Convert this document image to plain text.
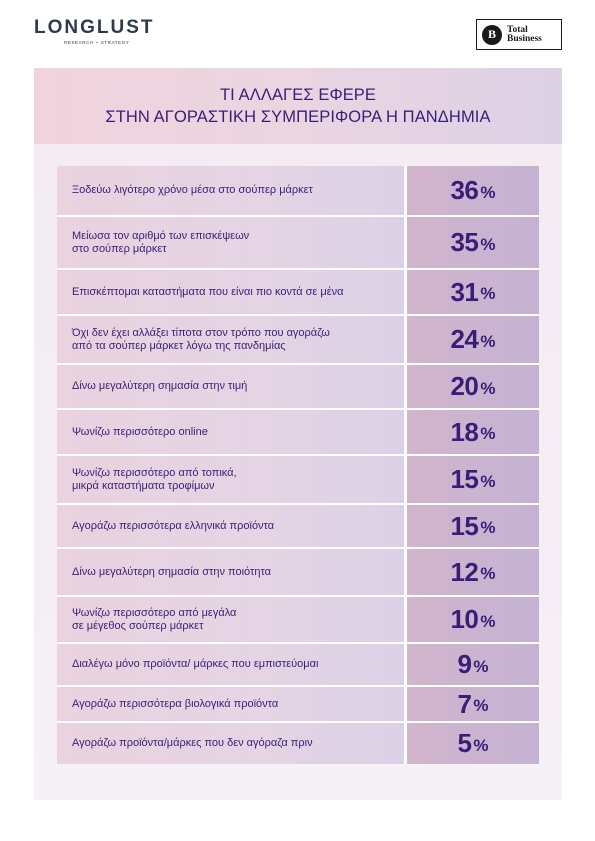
LONGLUST
RESEARCH + STRATEGY
B	Total
Business
ΤΙ ΑΛΛΑΓΕΣ ΕΦΕΡΕ
ΣΤΗΝ ΑΓΟΡΑΣΤΙΚΗ ΣΥΜΠΕΡΙΦΟΡΑ Η ΠΑΝΔΗΜΙΑ
Ξοδεύω λιγότερο χρόνο μέσα στο σούπερ μάρκετ	36 %
Μείωσα τον αριθμό των επισκέψεων
στο σούπερ μάρκετ	35 %
Επισκέπτομαι καταστήματα που είναι πιο κοντά σε μένα	31 %
Όχι δεν έχει αλλάξει τίποτα στον τρόπο που αγοράζω
από τα σούπερ μάρκετ λόγω της πανδημίας	24 %
Δίνω μεγαλύτερη σημασία στην τιμή	20 %
Ψωνίζω περισσότερο online	18 %
Ψωνίζω περισσότερο από τοπικά,
μικρά καταστήματα τροφίμων	15 %
Αγοράζω περισσότερα ελληνικά προϊόντα	15 %
Δίνω μεγαλύτερη σημασία στην ποιότητα	12 %
Ψωνίζω περισσότερο από μεγάλα
σε μέγεθος σούπερ μάρκετ	10 %
Διαλέγω μόνο προϊόντα/ μάρκες που εμπιστεύομαι	9 %
Αγοράζω περισσότερα βιολογικά προϊόντα	7 %
Αγοράζω προϊόντα/μάρκες που δεν αγόραζα πριν	5 %
